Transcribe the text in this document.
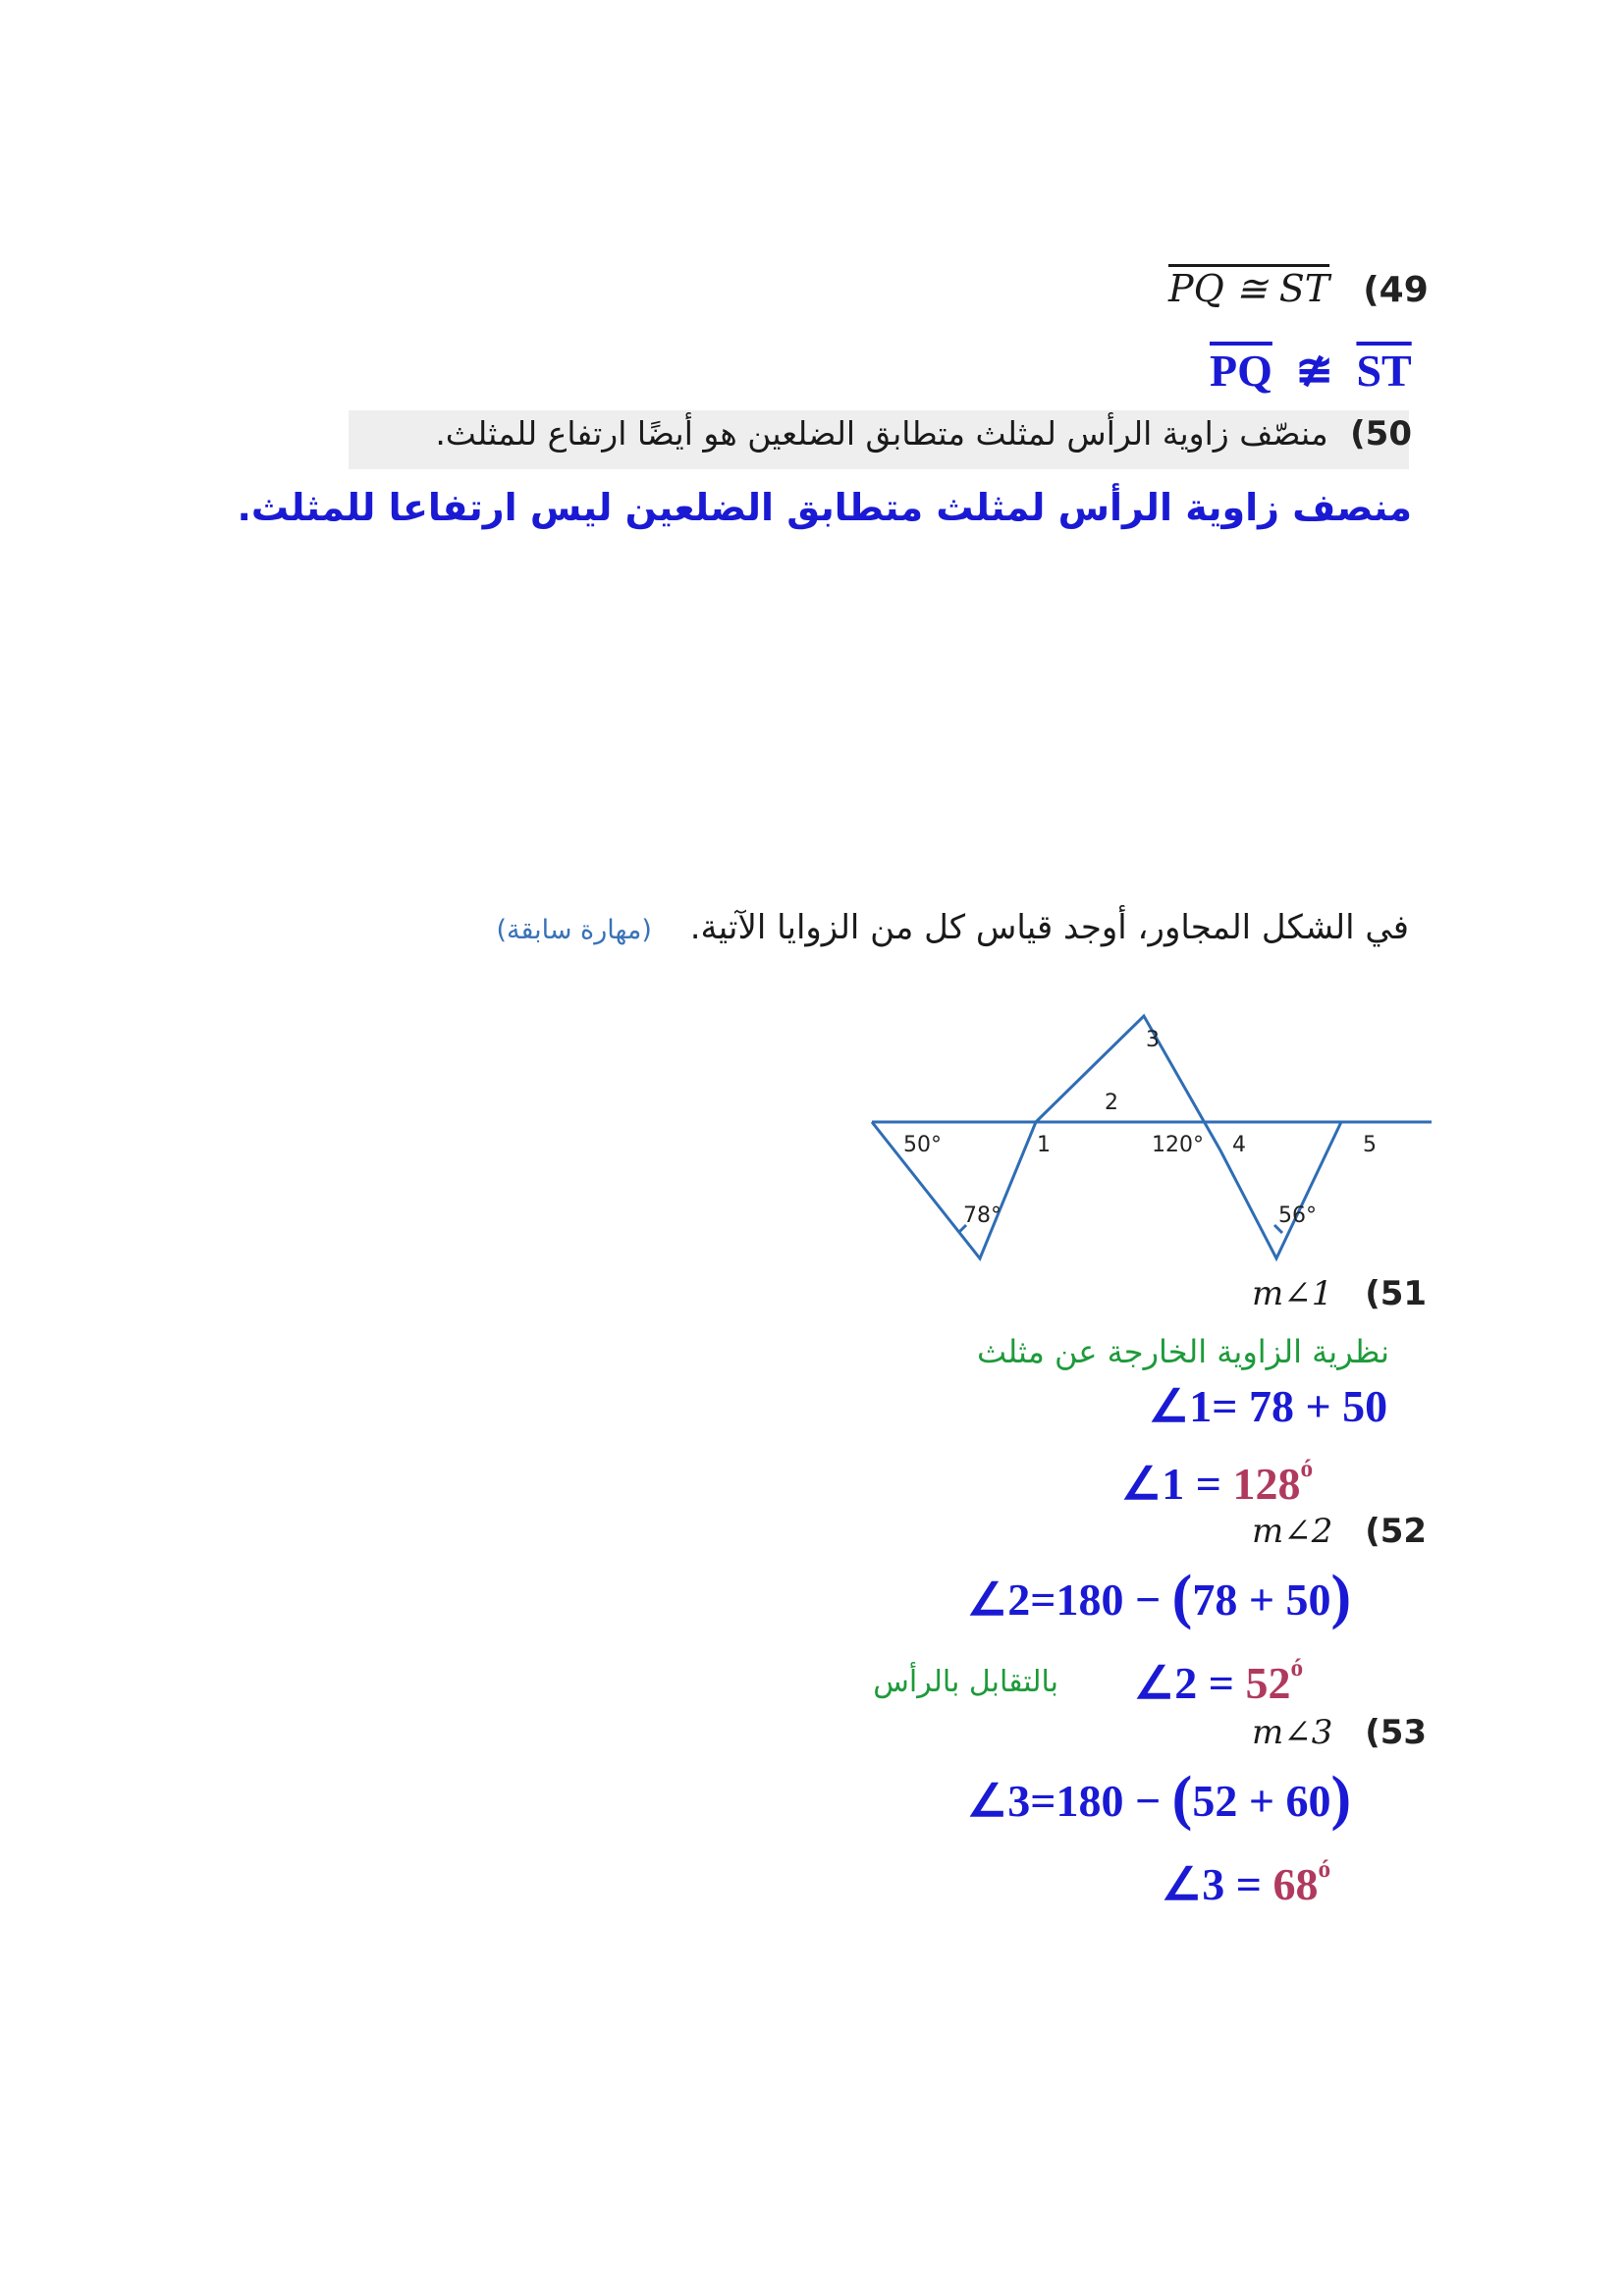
PQ ≅ ST (49
$\overline{PQ}$ ≇ $\overline{ST}$
50) منصّف زاوية الرأس لمثلث متطابق الضلعين هو أيضًا ارتفاع للمثلث.
منصف زاوية الرأس لمثلث متطابق الضلعين ليس ارتفاعا للمثلث.
في الشكل المجاور، أوجد قياس كل من الزوايا الآتية. (مهارة سابقة)
3
2
50°	1	120° 4	5
78°	56°
m∠1 (51
نظرية الزاوية الخارجة عن مثلث
∠1= 78 + 50
∠1 = $128^ó$
m∠2 (52
∠2=180 − (78 + 50)
بالتقابل بالرأس ∠2 = $52^ó$
m∠3 (53
∠3=180 − (52 + 60)
∠3 = $68^ó$
